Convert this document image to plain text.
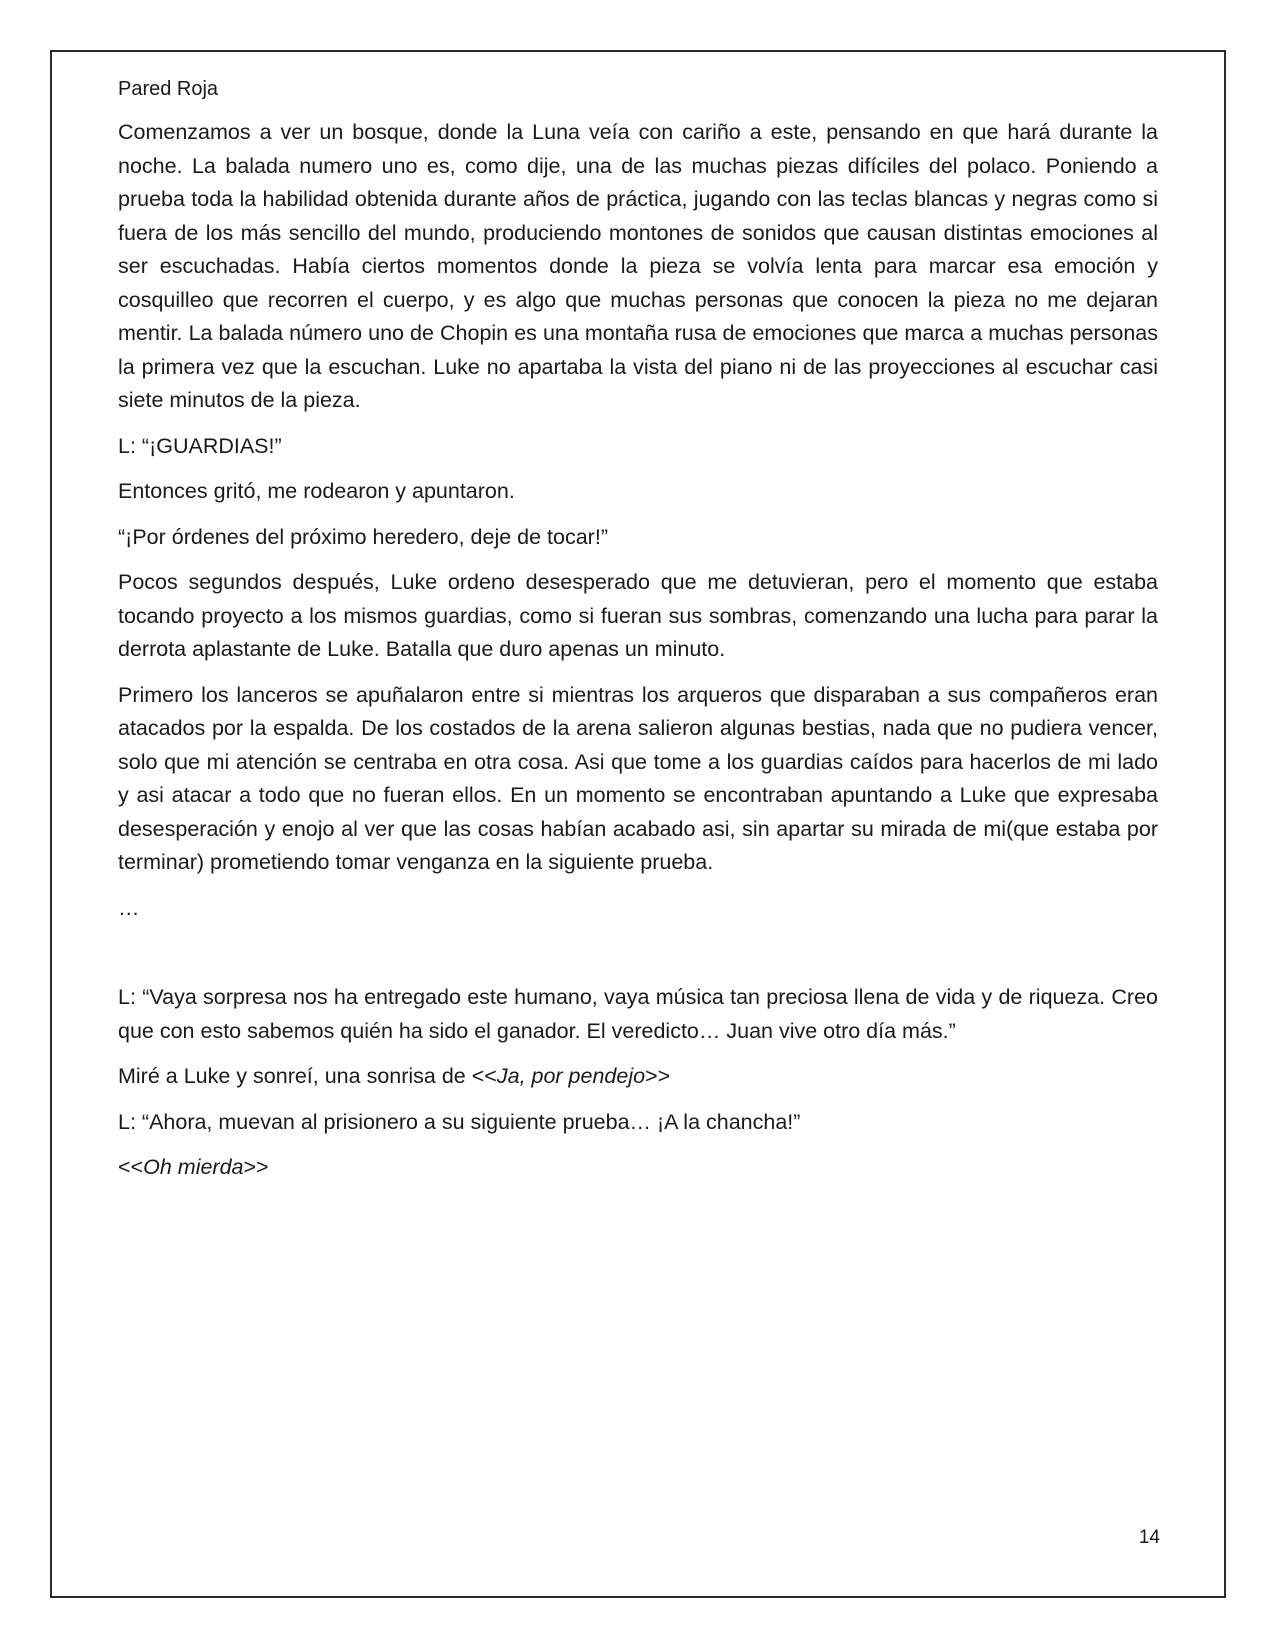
Pared Roja

Comenzamos a ver un bosque, donde la Luna veía con cariño a este, pensando en que hará durante la noche. La balada numero uno es, como dije, una de las muchas piezas difíciles del polaco. Poniendo a prueba toda la habilidad obtenida durante años de práctica, jugando con las teclas blancas y negras como si fuera de los más sencillo del mundo, produciendo montones de sonidos que causan distintas emociones al ser escuchadas. Había ciertos momentos donde la pieza se volvía lenta para marcar esa emoción y cosquilleo que recorren el cuerpo, y es algo que muchas personas que conocen la pieza no me dejaran mentir. La balada número uno de Chopin es una montaña rusa de emociones que marca a muchas personas la primera vez que la escuchan. Luke no apartaba la vista del piano ni de las proyecciones al escuchar casi siete minutos de la pieza.

L: “¡GUARDIAS!”

Entonces gritó, me rodearon y apuntaron.

“¡Por órdenes del próximo heredero, deje de tocar!”

Pocos segundos después, Luke ordeno desesperado que me detuvieran, pero el momento que estaba tocando proyecto a los mismos guardias, como si fueran sus sombras, comenzando una lucha para parar la derrota aplastante de Luke. Batalla que duro apenas un minuto.

Primero los lanceros se apuñalaron entre si mientras los arqueros que disparaban a sus compañeros eran atacados por la espalda. De los costados de la arena salieron algunas bestias, nada que no pudiera vencer, solo que mi atención se centraba en otra cosa. Asi que tome a los guardias caídos para hacerlos de mi lado y asi atacar a todo que no fueran ellos. En un momento se encontraban apuntando a Luke que expresaba desesperación y enojo al ver que las cosas habían acabado asi, sin apartar su mirada de mi(que estaba por terminar) prometiendo tomar venganza en la siguiente prueba.

…

L: “Vaya sorpresa nos ha entregado este humano, vaya música tan preciosa llena de vida y de riqueza. Creo que con esto sabemos quién ha sido el ganador. El veredicto… Juan vive otro día más.”

Miré a Luke y sonreí, una sonrisa de <<Ja, por pendejo>>

L: “Ahora, muevan al prisionero a su siguiente prueba… ¡A la chancha!”

<<Oh mierda>>

14
